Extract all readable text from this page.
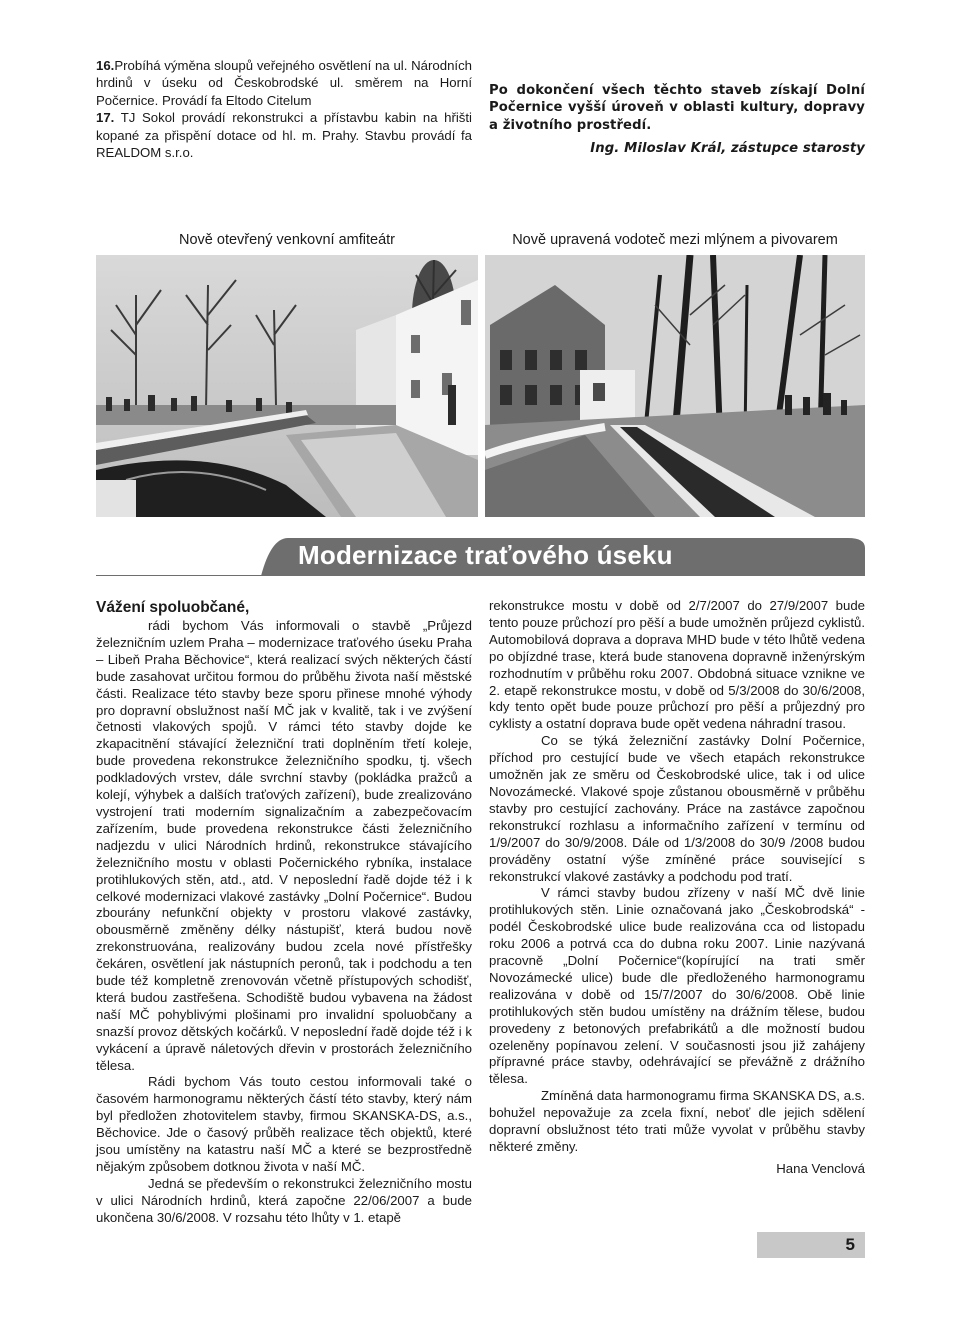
16.Probíhá výměna sloupů veřejného osvětlení na ul. Národních hrdinů v úseku od Českobrodské ul. směrem na Horní Počernice. Provádí fa Eltodo Citelum

17. TJ Sokol provádí rekonstrukci a přístavbu kabin na hřišti kopané za přispění dotace od hl. m. Prahy. Stavbu provádí fa REALDOM s.r.o.

Po dokončení všech těchto staveb získají Dolní Počernice vyšší úroveň v oblasti kultury, dopravy a životního prostředí.

Ing. Miloslav Král, zástupce starosty

Nově otevřený venkovní amfiteátr	Nově upravená vodoteč mezi mlýnem a pivovarem
Modernizace traťového úseku

Vážení spoluobčané,

rádi bychom Vás informovali o stavbě „Průjezd železničním uzlem Praha – modernizace traťového úseku Praha – Libeň Praha Běchovice“, která realizací svých některých částí bude zasahovat určitou formou do průběhu života naší městské části. Realizace této stavby beze sporu přinese mnohé výhody pro dopravní obslužnost naší MČ jak v kvalitě, tak i ve zvýšení četnosti vlakových spojů. V rámci této stavby dojde ke zkapacitnění stávající železniční trati doplněním třetí koleje, bude provedena rekonstrukce železničního spodku, tj. všech podkladových vrstev, dále svrchní stavby (pokládka pražců a kolejí, výhybek a dalších traťových zařízení), bude zrealizováno vystrojení trati moderním signalizačním a zabezpečovacím zařízením, bude provedena rekonstrukce části železničního nadjezdu v ulici Národních hrdinů, rekonstrukce stávajícího železničního mostu v oblasti Počernického rybníka, instalace protihlukových stěn, atd., atd. V neposlední řadě dojde též i k celkové modernizaci vlakové zastávky „Dolní Počernice“. Budou zbourány nefunkční objekty v prostoru vlakové zastávky, obousměrně změněny délky nástupišť, která budou nově zrekonstruována, realizovány budou zcela nové přístřešky čekáren, osvětlení jak nástupních peronů, tak i podchodu a ten bude též kompletně zrenovován včetně přístupových schodišť, která budou zastřešena. Schodiště budou vybavena na žádost naší MČ pohyblivými plošinami pro invalidní spoluobčany a snazší provoz dětských kočárků. V neposlední řadě dojde též i k vykácení a úpravě náletových dřevin v prostorách železničního tělesa.

Rádi bychom Vás touto cestou informovali také o časovém harmonogramu některých částí této stavby, který nám byl předložen zhotovitelem stavby, firmou SKANSKA-DS, a.s., Běchovice. Jde o časový průběh realizace těch objektů, které jsou umístěny na katastru naší MČ a které se bezprostředně nějakým způsobem dotknou života v naší MČ.

Jedná se především o rekonstrukci železničního mostu v ulici Národních hrdinů, která započne 22/06/2007 a bude ukončena 30/6/2008. V rozsahu této lhůty v 1. etapě

rekonstrukce mostu v době od 2/7/2007 do 27/9/2007 bude tento pouze průchozí pro pěší a bude umožněn průjezd cyklistů. Automobilová doprava a doprava MHD bude v této lhůtě vedena po objízdné trase, která bude stanovena dopravně inženýrským rozhodnutím v průběhu roku 2007. Obdobná situace vznikne ve 2. etapě rekonstrukce mostu, v době od 5/3/2008 do 30/6/2008, kdy tento opět bude pouze průchozí pro pěší a průjezdný pro cyklisty a ostatní doprava bude opět vedena náhradní trasou.

Co se týká železniční zastávky Dolní Počernice, příchod pro cestující bude ve všech etapách rekonstrukce umožněn jak ze směru od Českobrodské ulice, tak i od ulice Novozámecké. Vlakové spoje zůstanou obousměrně v průběhu stavby pro cestující zachovány. Práce na zastávce započnou rekonstrukcí rozhlasu a informačního zařízení v termínu od 1/9/2007 do 30/9/2008. Dále od 1/3/2008 do 30/9 /2008 budou prováděny ostatní výše zmíněné práce související s rekonstrukcí vlakové zastávky a podchodu pod tratí.

V rámci stavby budou zřízeny v naší MČ dvě linie protihlukových stěn. Linie označovaná jako „Českobrodská“ -podél Českobrodské ulice bude realizována cca od listopadu roku 2006 a potrvá cca do dubna roku 2007. Linie nazývaná pracovně „Dolní Počernice“(kopírující na trati směr Novozámecké ulice) bude dle předloženého harmonogramu realizována v době od 15/7/2007 do 30/6/2008. Obě linie protihlukových stěn budou umístěny na drážním tělese, budou provedeny z betonových prefabrikátů a dle možností budou ozeleněny popínavou zelení. V současnosti jsou již zahájeny přípravné práce stavby, odehrávající se převážně z drážního tělesa.

Zmíněná data harmonogramu firma SKANSKA DS, a.s. bohužel nepovažuje za zcela fixní, neboť dle jejich sdělení dopravní obslužnost této trati může vyvolat v průběhu stavby některé změny.

Hana Venclová

5
